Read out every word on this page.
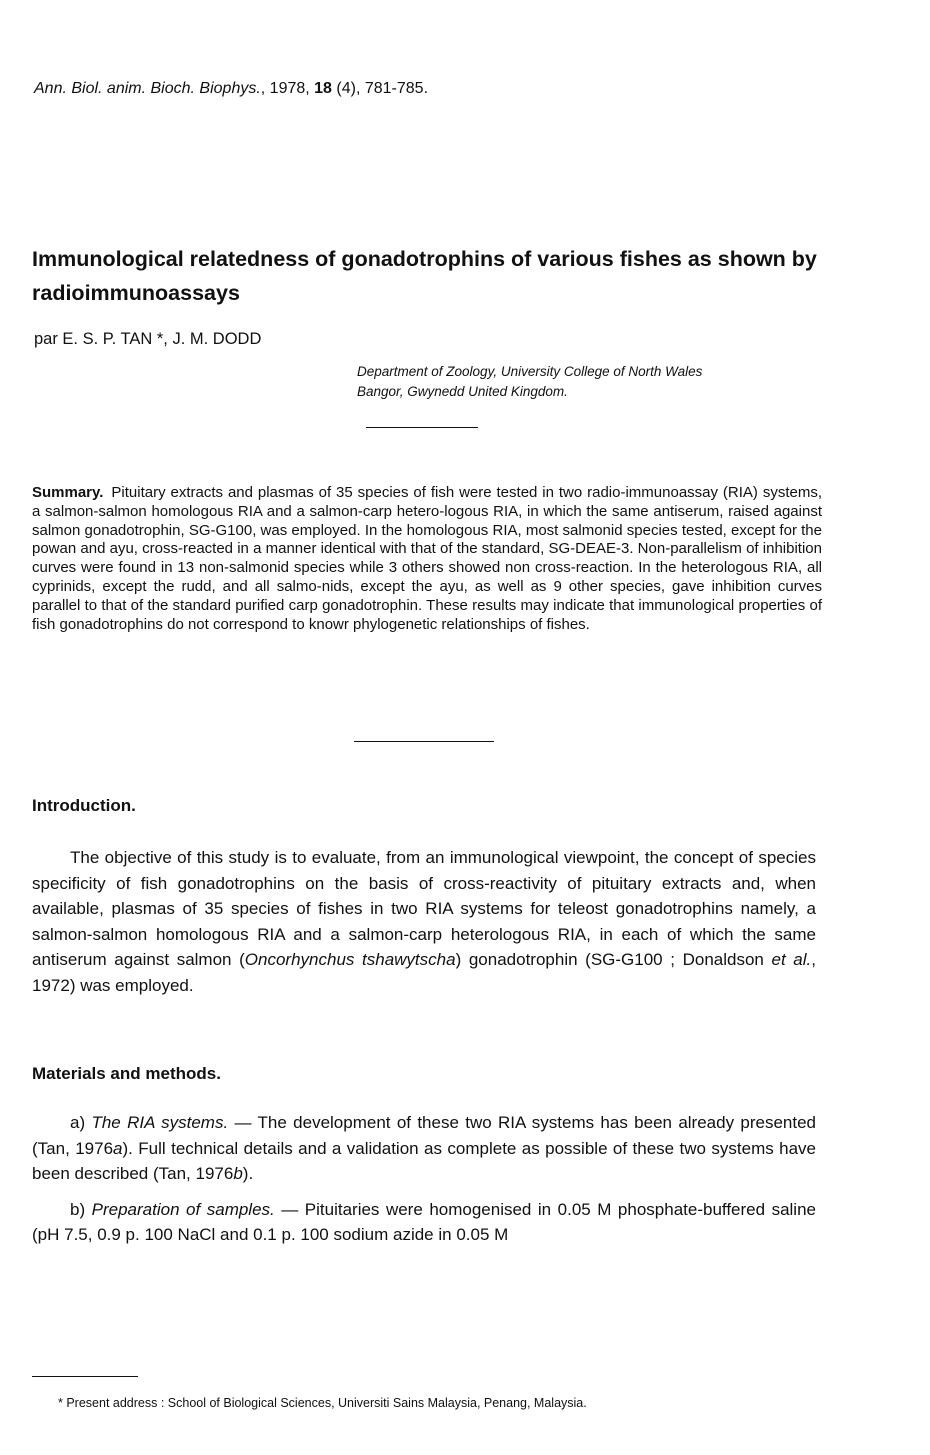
Ann. Biol. anim. Bioch. Biophys., 1978, 18 (4), 781-785.
Immunological relatedness of gonadotrophins of various fishes as shown by radioimmunoassays
par E. S. P. TAN *, J. M. DODD
Department of Zoology, University College of North Wales
Bangor, Gwynedd United Kingdom.
Summary. Pituitary extracts and plasmas of 35 species of fish were tested in two radio-immunoassay (RIA) systems, a salmon-salmon homologous RIA and a salmon-carp hetero-logous RIA, in which the same antiserum, raised against salmon gonadotrophin, SG-G100, was employed. In the homologous RIA, most salmonid species tested, except for the powan and ayu, cross-reacted in a manner identical with that of the standard, SG-DEAE-3. Non-parallelism of inhibition curves were found in 13 non-salmonid species while 3 others showed non cross-reaction. In the heterologous RIA, all cyprinids, except the rudd, and all salmo-nids, except the ayu, as well as 9 other species, gave inhibition curves parallel to that of the standard purified carp gonadotrophin. These results may indicate that immunological properties of fish gonadotrophins do not correspond to knowr phylogenetic relationships of fishes.
Introduction.

The objective of this study is to evaluate, from an immunological viewpoint, the concept of species specificity of fish gonadotrophins on the basis of cross-reactivity of pituitary extracts and, when available, plasmas of 35 species of fishes in two RIA systems for teleost gonadotrophins namely, a salmon-salmon homologous RIA and a salmon-carp heterologous RIA, in each of which the same antiserum against salmon (Oncorhynchus tshawytscha) gonadotrophin (SG-G100 ; Donaldson et al., 1972) was employed.

Materials and methods.

a) The RIA systems. — The development of these two RIA systems has been already presented (Tan, 1976a). Full technical details and a validation as complete as possible of these two systems have been described (Tan, 1976b).

b) Preparation of samples. — Pituitaries were homogenised in 0.05 M phosphate-buffered saline (pH 7.5, 0.9 p. 100 NaCl and 0.1 p. 100 sodium azide in 0.05 M

* Present address : School of Biological Sciences, Universiti Sains Malaysia, Penang, Malaysia.
